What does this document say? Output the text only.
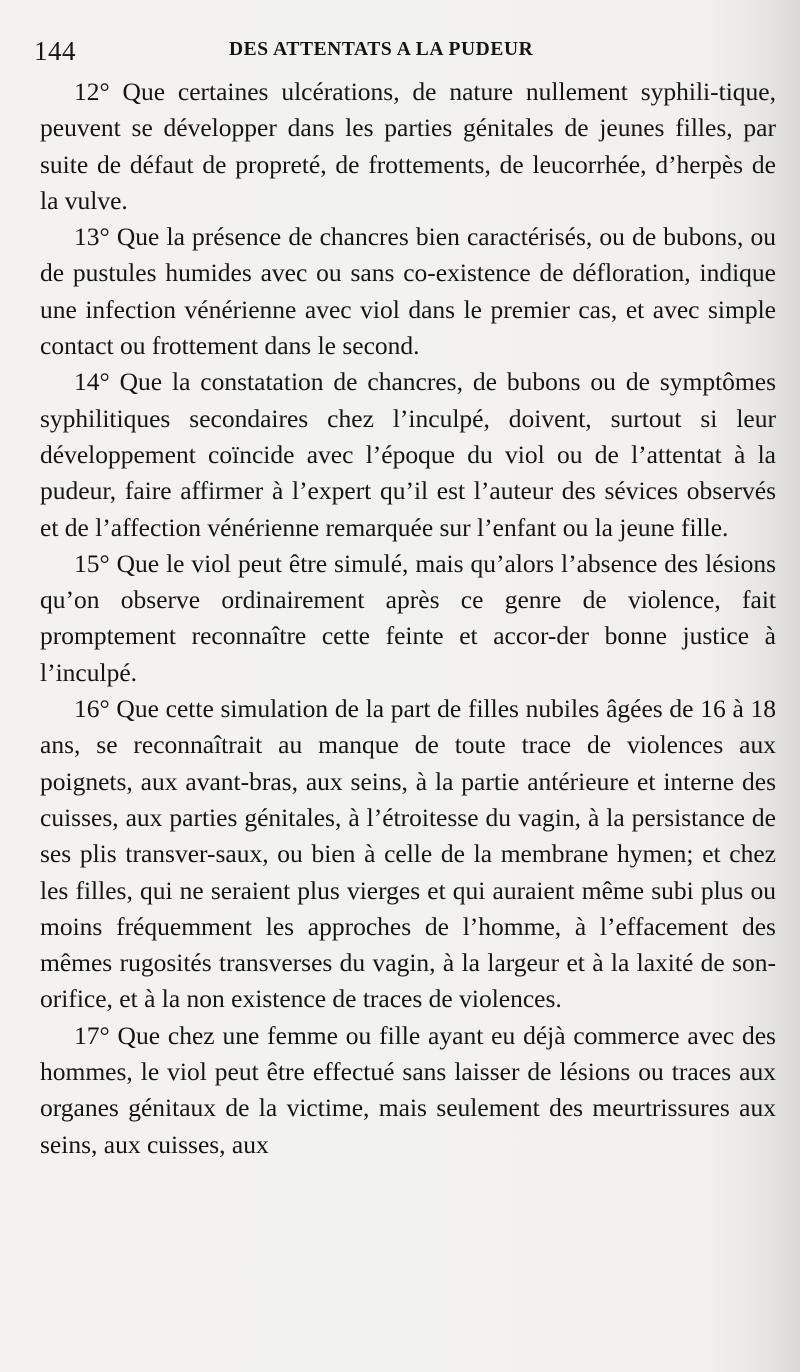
144	DES ATTENTATS A LA PUDEUR

12° Que certaines ulcérations, de nature nullement syphili-tique, peuvent se développer dans les parties génitales de jeunes filles, par suite de défaut de propreté, de frottements, de leucorrhée, d’herpès de la vulve.

13° Que la présence de chancres bien caractérisés, ou de bubons, ou de pustules humides avec ou sans co-existence de défloration, indique une infection vénérienne avec viol dans le premier cas, et avec simple contact ou frottement dans le second.

14° Que la constatation de chancres, de bubons ou de symptômes syphilitiques secondaires chez l’inculpé, doivent, surtout si leur développement coïncide avec l’époque du viol ou de l’attentat à la pudeur, faire affirmer à l’expert qu’il est l’auteur des sévices observés et de l’affection vénérienne remarquée sur l’enfant ou la jeune fille.

15° Que le viol peut être simulé, mais qu’alors l’absence des lésions qu’on observe ordinairement après ce genre de violence, fait promptement reconnaître cette feinte et accor-der bonne justice à l’inculpé.

16° Que cette simulation de la part de filles nubiles âgées de 16 à 18 ans, se reconnaîtrait au manque de toute trace de violences aux poignets, aux avant-bras, aux seins, à la partie antérieure et interne des cuisses, aux parties génitales, à l’étroitesse du vagin, à la persistance de ses plis transver-saux, ou bien à celle de la membrane hymen; et chez les filles, qui ne seraient plus vierges et qui auraient même subi plus ou moins fréquemment les approches de l’homme, à l’effacement des mêmes rugosités transverses du vagin, à la largeur et à la laxité de son-orifice, et à la non existence de traces de violences.

17° Que chez une femme ou fille ayant eu déjà commerce avec des hommes, le viol peut être effectué sans laisser de lésions ou traces aux organes génitaux de la victime, mais seulement des meurtrissures aux seins, aux cuisses, aux
